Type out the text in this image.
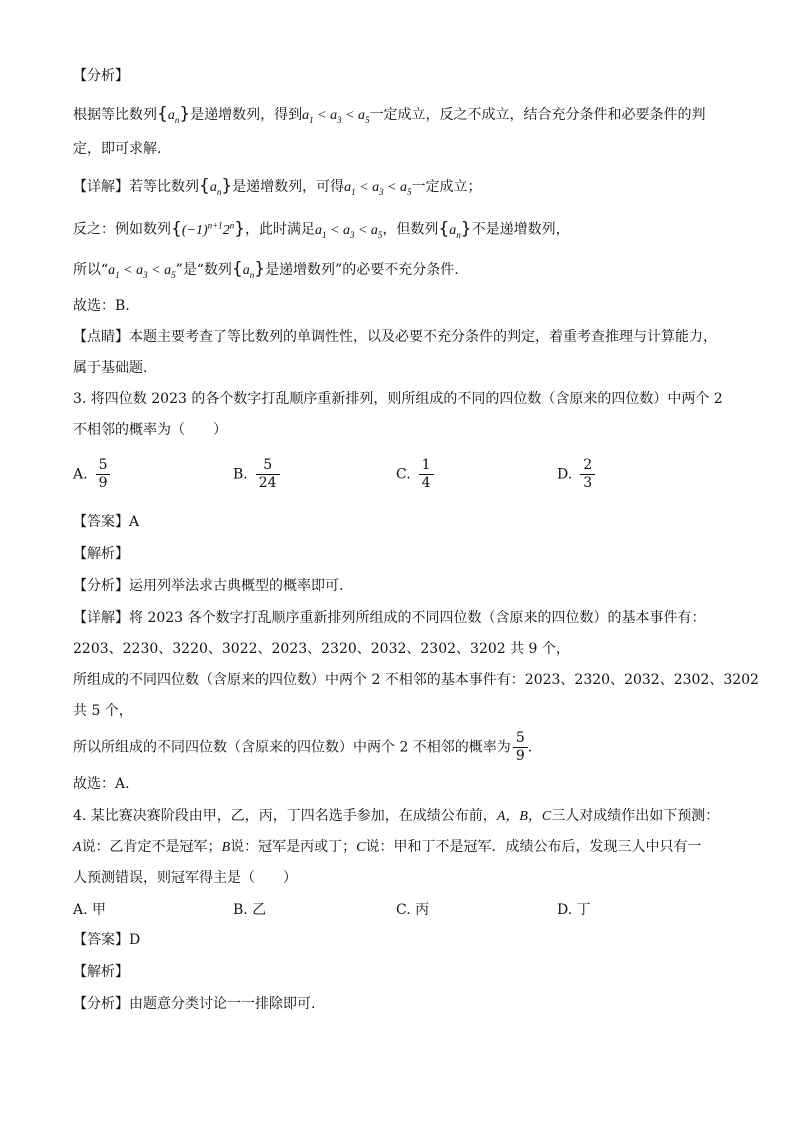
【分析】
根据等比数列$\{a_n\}$是递增数列，得到$a_1 < a_3 < a_5$一定成立，反之不成立，结合充分条件和必要条件的判
定，即可求解.
【详解】若等比数列$\{a_n\}$是递增数列，可得$a_1 < a_3 < a_5$一定成立；
反之：例如数列$\{(-1)^{n+1}2^n\}$，此时满足$a_1 < a_3 < a_5$，但数列$\{a_n\}$不是递增数列，
所以“$a_1 < a_3 < a_5$”是“数列$\{a_n\}$是递增数列”的必要不充分条件.
故选：B.
【点睛】本题主要考查了等比数列的单调性性，以及必要不充分条件的判定，着重考查推理与计算能力，
属于基础题.
3. 将四位数 2023 的各个数字打乱顺序重新排列，则所组成的不同的四位数（含原来的四位数）中两个 2
不相邻的概率为（　　）
A. $\frac{5}{9}$	B. $\frac{5}{24}$	C. $\frac{1}{4}$	D. $\frac{2}{3}$
【答案】A
【解析】
【分析】运用列举法求古典概型的概率即可.
【详解】将 2023 各个数字打乱顺序重新排列所组成的不同四位数（含原来的四位数）的基本事件有：
2203、2230、3220、3022、2023、2320、2032、2302、3202 共 9 个，
所组成的不同四位数（含原来的四位数）中两个 2 不相邻的基本事件有：2023、2320、2032、2302、3202
共 5 个，
所以所组成的不同四位数（含原来的四位数）中两个 2 不相邻的概率为 $\frac{5}{9}$ .
故选：A.
4. 某比赛决赛阶段由甲，乙，丙，丁四名选手参加，在成绩公布前，A，B，C三人对成绩作出如下预测：
A说：乙肯定不是冠军；B说：冠军是丙或丁；C说：甲和丁不是冠军．成绩公布后，发现三人中只有一
人预测错误，则冠军得主是（　　）
A. 甲	B. 乙	C. 丙	D. 丁
【答案】D
【解析】
【分析】由题意分类讨论一一排除即可.
